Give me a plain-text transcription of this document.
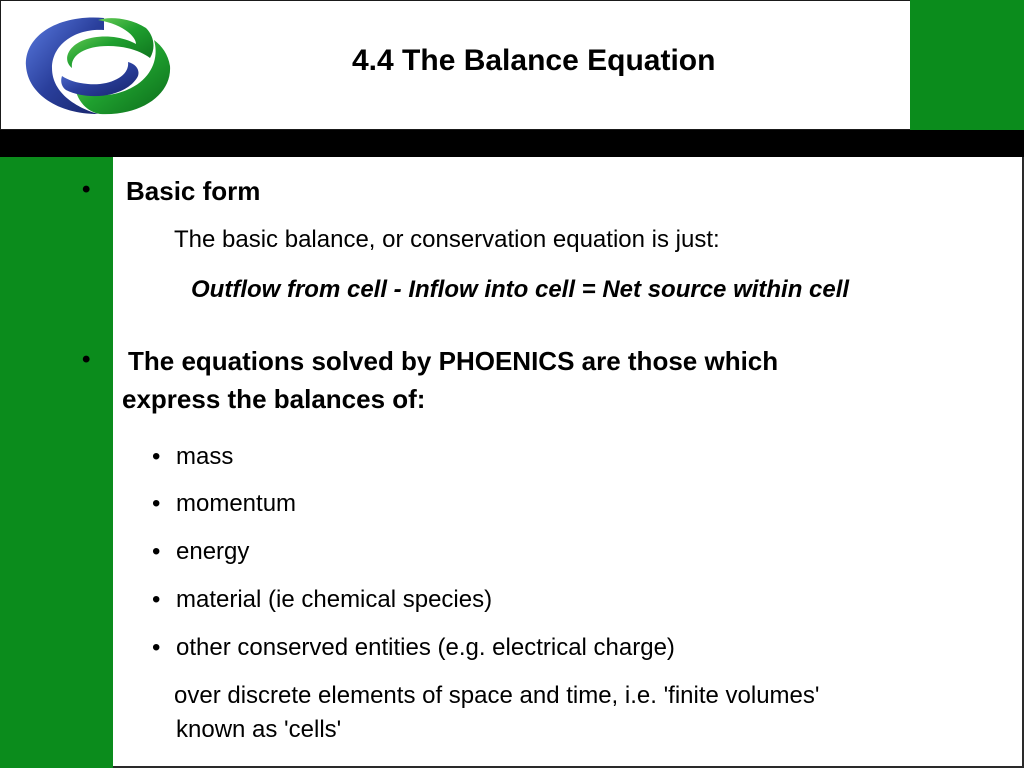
4.4 The Balance Equation
• Basic form
The basic balance, or conservation equation is just:
Outflow from cell - Inflow into cell = Net source within cell
• The equations solved by PHOENICS are those which
express the balances of:
• mass
• momentum
• energy
• material (ie chemical species)
• other conserved entities (e.g. electrical charge)
over discrete elements of space and time, i.e. 'finite volumes'
known as 'cells'
